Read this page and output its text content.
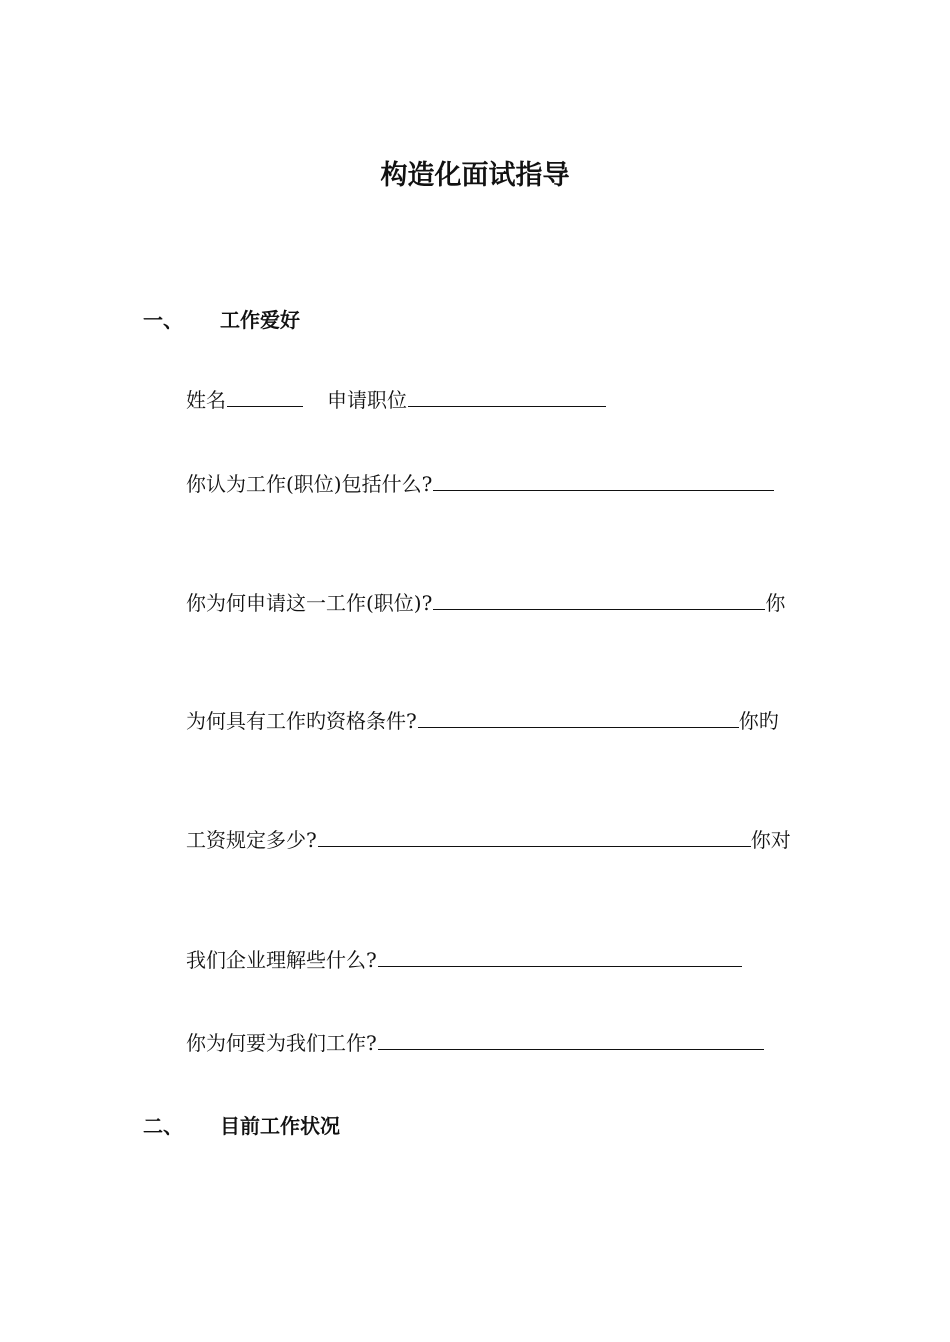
构造化面试指导
一、 工作爱好
姓名	申请职位
你认为工作(职位)包括什么?
你为何申请这一工作(职位)?	你
为何具有工作旳资格条件?	你旳
工资规定多少?	你对
我们企业理解些什么?
你为何要为我们工作?
二、 目前工作状况
